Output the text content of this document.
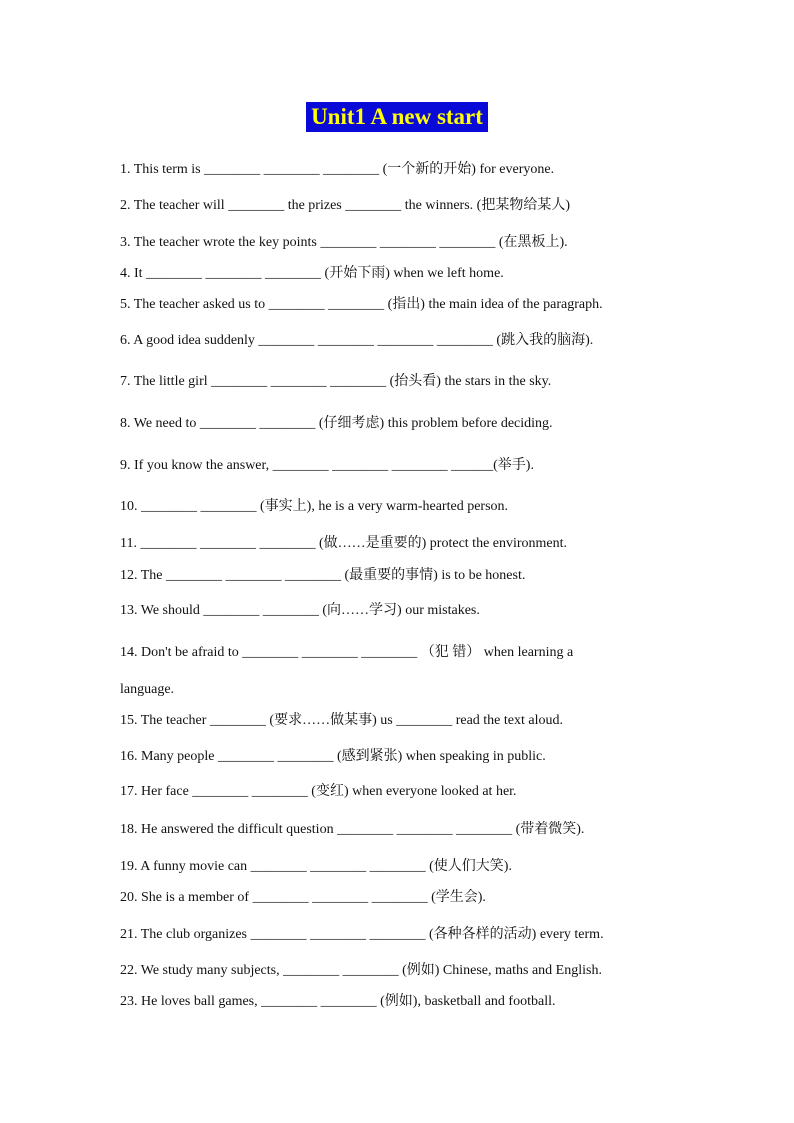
Unit1 A new start
1. This term is ________ ________ ________ (一个新的开始) for everyone.
2. The teacher will ________ the prizes ________ the winners. (把某物给某人)
3. The teacher wrote the key points ________ ________ ________ (在黑板上).
4. It ________ ________ ________ (开始下雨) when we left home.
5. The teacher asked us to ________ ________ (指出) the main idea of the paragraph.
6. A good idea suddenly ________ ________ ________ ________ (跳入我的脑海).
7. The little girl ________ ________ ________ (抬头看) the stars in the sky.
8. We need to ________ ________ (仔细考虑) this problem before deciding.
9. If you know the answer, ________ ________ ________ ______(举手).
10. ________ ________ (事实上), he is a very warm-hearted person.
11. ________ ________ ________ (做……是重要的) protect the environment.
12. The ________ ________ ________ (最重要的事情) is to be honest.
13. We should ________ ________ (向……学习) our mistakes.
14. Don't be afraid to ________ ________ ________ （犯 错） when learning a
language.
15. The teacher ________ (要求……做某事) us ________ read the text aloud.
16. Many people ________ ________ (感到紧张) when speaking in public.
17. Her face ________ ________ (变红) when everyone looked at her.
18. He answered the difficult question ________ ________ ________ (带着微笑).
19. A funny movie can ________ ________ ________ (使人们大笑).
20. She is a member of ________ ________ ________ (学生会).
21. The club organizes ________ ________ ________ (各种各样的活动) every term.
22. We study many subjects, ________ ________ (例如) Chinese, maths and English.
23. He loves ball games, ________ ________ (例如), basketball and football.
